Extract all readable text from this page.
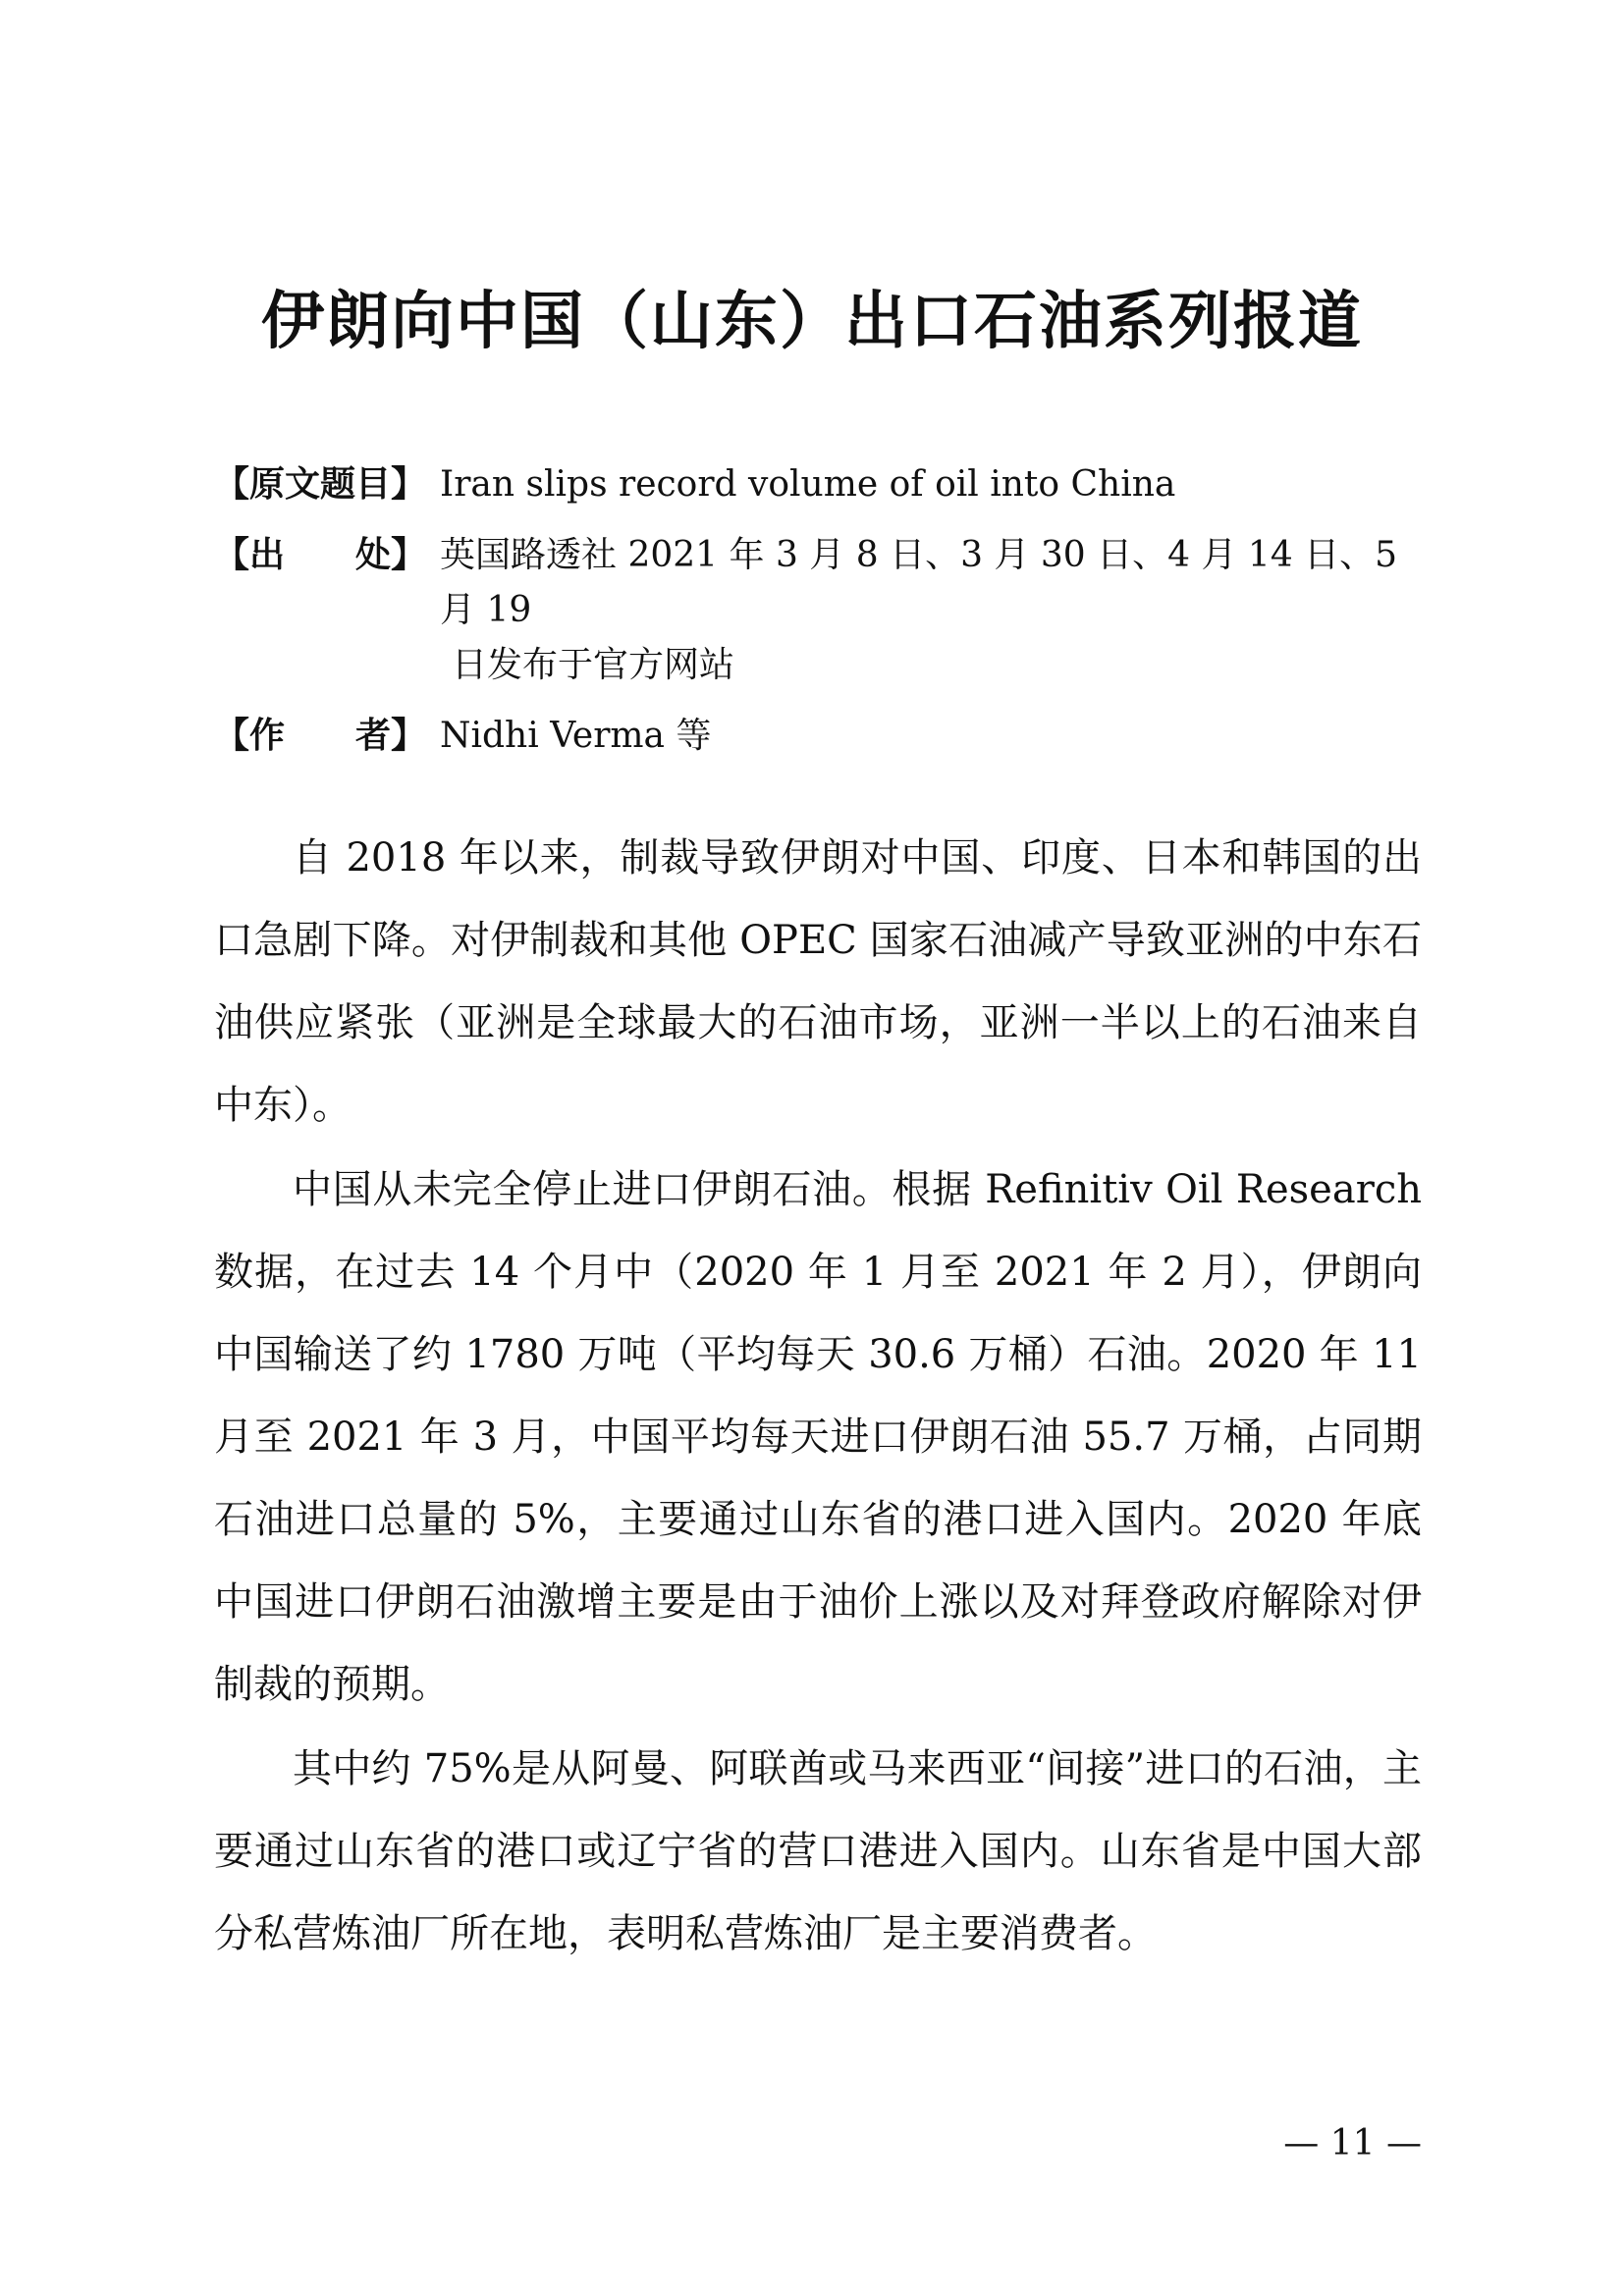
伊朗向中国（山东）出口石油系列报道
【原文题目】 Iran slips record volume of oil into China
【出　　处】 英国路透社 2021 年 3 月 8 日、3 月 30 日、4 月 14 日、5 月 19
日发布于官方网站
【作　　者】 Nidhi Verma 等

自 2018 年以来，制裁导致伊朗对中国、印度、日本和韩国的出口急剧下降。对伊制裁和其他 OPEC 国家石油减产导致亚洲的中东石油供应紧张（亚洲是全球最大的石油市场，亚洲一半以上的石油来自中东）。

中国从未完全停止进口伊朗石油。根据 Refinitiv Oil Research 数据，在过去 14 个月中（2020 年 1 月至 2021 年 2 月），伊朗向中国输送了约 1780 万吨（平均每天 30.6 万桶）石油。2020 年 11 月至 2021 年 3 月，中国平均每天进口伊朗石油 55.7 万桶，占同期石油进口总量的 5%，主要通过山东省的港口进入国内。2020 年底中国进口伊朗石油激增主要是由于油价上涨以及对拜登政府解除对伊制裁的预期。

其中约 75%是从阿曼、阿联酋或马来西亚“间接”进口的石油，主要通过山东省的港口或辽宁省的营口港进入国内。山东省是中国大部分私营炼油厂所在地，表明私营炼油厂是主要消费者。

— 11 —
